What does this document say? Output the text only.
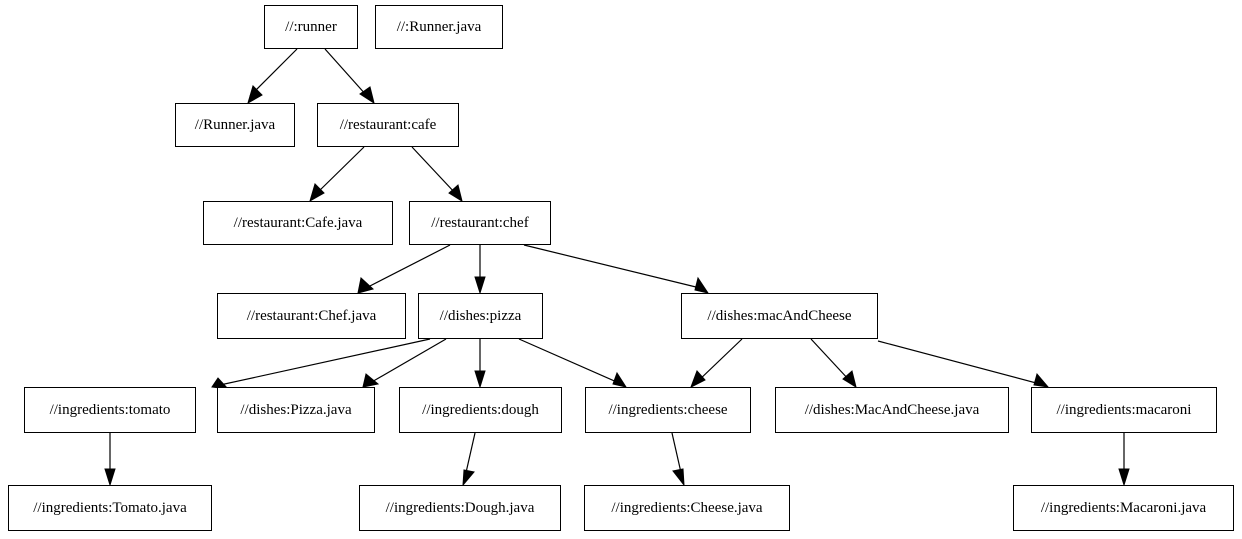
//:runner	//:Runner.java
//Runner.java	//restaurant:cafe
//restaurant:Cafe.java	//restaurant:chef
//restaurant:Chef.java	//dishes:pizza	//dishes:macAndCheese
//ingredients:tomato	//dishes:Pizza.java	//ingredients:dough	//ingredients:cheese	//dishes:MacAndCheese.java	//ingredients:macaroni
//ingredients:Tomato.java	//ingredients:Dough.java	//ingredients:Cheese.java	//ingredients:Macaroni.java
